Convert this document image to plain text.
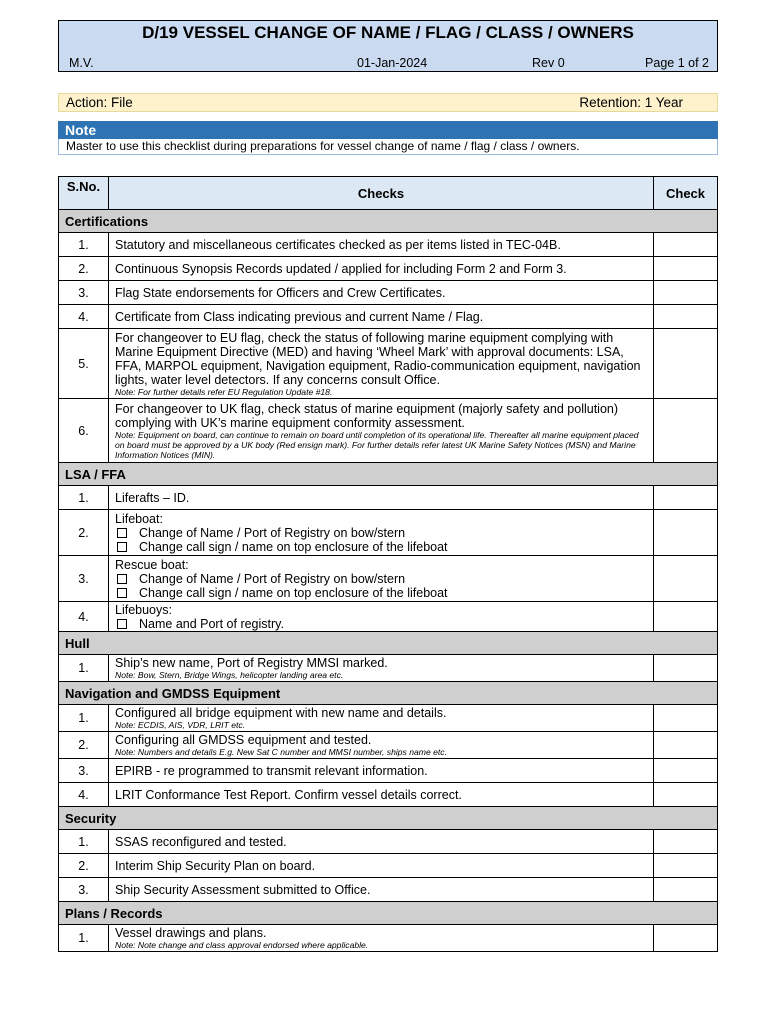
D/19 VESSEL CHANGE OF NAME / FLAG / CLASS / OWNERS
M.V.	01-Jan-2024	Rev 0	Page 1 of 2
Action: File	Retention: 1 Year
Note
Master to use this checklist during preparations for vessel change of name / flag / class / owners.
S.No.	Checks	Check
Certifications		
1.	Statutory and miscellaneous certificates checked as per items listed in TEC-04B.	

2.	Continuous Synopsis Records updated / applied for including Form 2 and Form 3.	

3.	Flag State endorsements for Officers and Crew Certificates.	

4.	Certificate from Class indicating previous and current Name / Flag.	

5.	For changeover to EU flag, check the status of following marine equipment complying with Marine Equipment Directive (MED) and having ‘Wheel Mark’ with approval documents: LSA, FFA, MARPOL equipment, Navigation equipment, Radio-communication equipment, navigation lights, water level detectors. If any concerns consult Office.
Note: For further details refer EU Regulation Update #18.	

6.	For changeover to UK flag, check status of marine equipment (majorly safety and pollution) complying with UK’s marine equipment conformity assessment.
Note: Equipment on board, can continue to remain on board until completion of its operational life. Thereafter all marine equipment placed on board must be approved by a UK body (Red ensign mark). For further details refer latest UK Marine Safety Notices (MSN) and Marine Information Notices (MIN).	

LSA / FFA		
1.	Liferafts – ID.	

2.	Lifeboat:
Change of Name / Port of Registry on bow/stern
Change call sign / name on top enclosure of the lifeboat	

3.	Rescue boat:
Change of Name / Port of Registry on bow/stern
Change call sign / name on top enclosure of the lifeboat	

4.	Lifebuoys:
Name and Port of registry.	

Hull		
1.	Ship’s new name, Port of Registry MMSI marked.
Note: Bow, Stern, Bridge Wings, helicopter landing area etc.	

Navigation and GMDSS Equipment		
1.	Configured all bridge equipment with new name and details.
Note: ECDIS, AIS, VDR, LRIT etc.	

2.	Configuring all GMDSS equipment and tested.
Note: Numbers and details E.g. New Sat C number and MMSI number, ships name etc.	

3.	EPIRB - re programmed to transmit relevant information.	

4.	LRIT Conformance Test Report. Confirm vessel details correct.	

Security		
1.	SSAS reconfigured and tested.	

2.	Interim Ship Security Plan on board.	

3.	Ship Security Assessment submitted to Office.	

Plans / Records		
1.	Vessel drawings and plans.
Note: Note change and class approval endorsed where applicable.	
